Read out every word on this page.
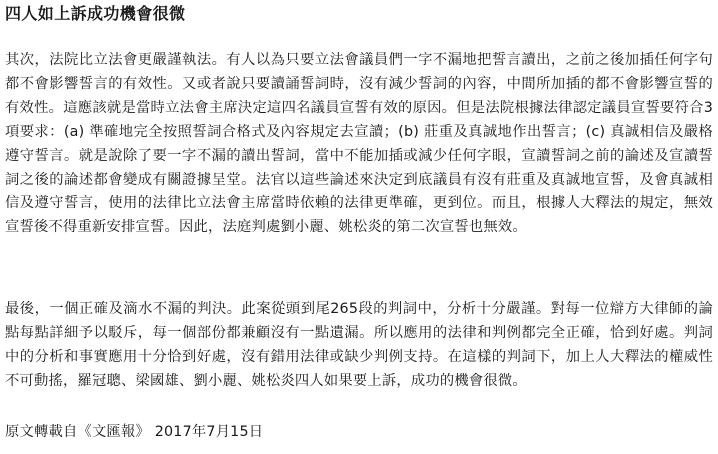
四人如上訴成功機會很微

其次，法院比立法會更嚴謹執法。有人以為只要立法會議員們一字不漏地把誓言讀出，之前之後加插任何字句都不會影響誓言的有效性。又或者說只要讀誦誓詞時，沒有減少誓詞的內容，中間所加插的都不會影響宣誓的有效性。這應該就是當時立法會主席決定這四名議員宣誓有效的原因。但是法院根據法律認定議員宣誓要符合3項要求：(a) 準確地完全按照誓詞合格式及內容規定去宣讀；(b) 莊重及真誠地作出誓言；(c) 真誠相信及嚴格遵守誓言。就是說除了要一字不漏的讀出誓詞，當中不能加插或減少任何字眼，宣讀誓詞之前的論述及宣讀誓詞之後的論述都會變成有關證據呈堂。法官以這些論述來決定到底議員有沒有莊重及真誠地宣誓，及會真誠相信及遵守誓言，使用的法律比立法會主席當時依賴的法律更準確，更到位。而且，根據人大釋法的規定，無效宣誓後不得重新安排宣誓。因此，法庭判處劉小麗、姚松炎的第二次宣誓也無效。

最後，一個正確及滴水不漏的判決。此案從頭到尾265段的判詞中，分析十分嚴謹。對每一位辯方大律師的論點每點詳細予以駁斥，每一個部份都兼顧沒有一點遺漏。所以應用的法律和判例都完全正確，恰到好處。判詞中的分析和事實應用十分恰到好處，沒有錯用法律或缺少判例支持。在這樣的判詞下，加上人大釋法的權威性不可動搖，羅冠聰、梁國雄、劉小麗、姚松炎四人如果要上訴，成功的機會很微。

原文轉載自《文匯報》 2017年7月15日
